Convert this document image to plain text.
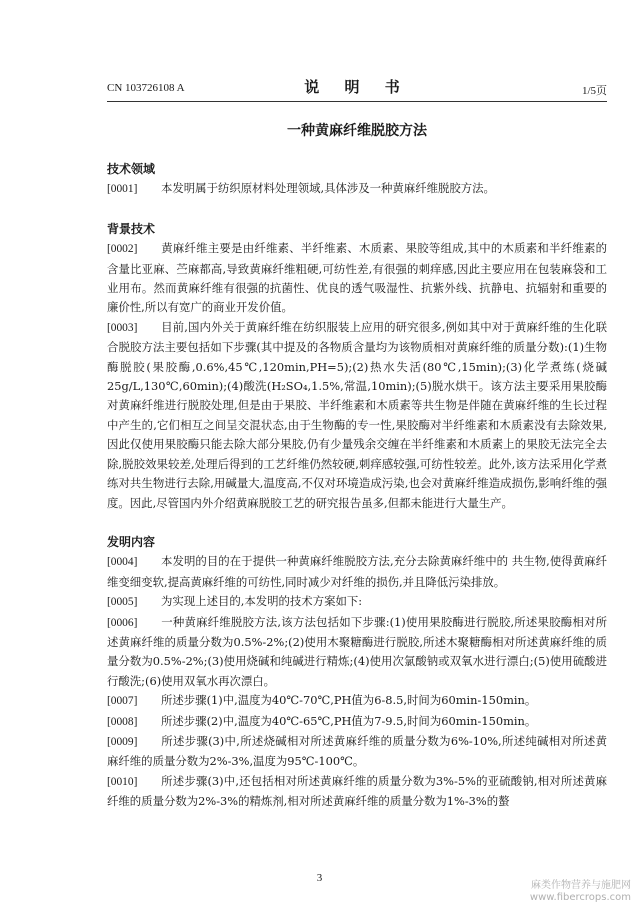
CN 103726108 A	说 明 书	1/5页
一种黄麻纤维脱胶方法

技术领域

[0001] 本发明属于纺织原材料处理领域,具体涉及一种黄麻纤维脱胶方法。

背景技术

[0002] 黄麻纤维主要是由纤维素、半纤维素、木质素、果胶等组成,其中的木质素和半纤维素的含量比亚麻、苎麻都高,导致黄麻纤维粗硬,可纺性差,有很强的刺痒感,因此主要应用在包装麻袋和工业用布。然而黄麻纤维有很强的抗菌性、优良的透气吸湿性、抗紫外线、抗静电、抗辐射和重要的廉价性,所以有宽广的商业开发价值。

[0003] 目前,国内外关于黄麻纤维在纺织服装上应用的研究很多,例如其中对于黄麻纤维的生化联合脱胶方法主要包括如下步骤(其中提及的各物质含量均为该物质相对黄麻纤维的质量分数):(1)生物酶脱胶(果胶酶,0.6%,45℃,120min,PH=5);(2)热水失活(80℃,15min);(3)化学煮练(烧碱25g/L,130℃,60min);(4)酸洗(H₂SO₄,1.5%,常温,10min);(5)脱水烘干。该方法主要采用果胶酶对黄麻纤维进行脱胶处理,但是由于果胶、半纤维素和木质素等共生物是伴随在黄麻纤维的生长过程中产生的,它们相互之间呈交混状态,由于生物酶的专一性,果胶酶对半纤维素和木质素没有去除效果,因此仅使用果胶酶只能去除大部分果胶,仍有少量残余交缠在半纤维素和木质素上的果胶无法完全去除,脱胶效果较差,处理后得到的工艺纤维仍然较硬,刺痒感较强,可纺性较差。此外,该方法采用化学煮练对共生物进行去除,用碱量大,温度高,不仅对环境造成污染,也会对黄麻纤维造成损伤,影响纤维的强度。因此,尽管国内外介绍黄麻脱胶工艺的研究报告虽多,但都未能进行大量生产。

发明内容

[0004] 本发明的目的在于提供一种黄麻纤维脱胶方法,充分去除黄麻纤维中的 共生物,使得黄麻纤维变细变软,提高黄麻纤维的可纺性,同时减少对纤维的损伤,并且降低污染排放。

[0005] 为实现上述目的,本发明的技术方案如下:

[0006] 一种黄麻纤维脱胶方法,该方法包括如下步骤:(1)使用果胶酶进行脱胶,所述果胶酶相对所述黄麻纤维的质量分数为0.5%-2%;(2)使用木聚糖酶进行脱胶,所述木聚糖酶相对所述黄麻纤维的质量分数为0.5%-2%;(3)使用烧碱和纯碱进行精炼;(4)使用次氯酸钠或双氧水进行漂白;(5)使用硫酸进行酸洗;(6)使用双氧水再次漂白。

[0007] 所述步骤(1)中,温度为40℃-70℃,PH值为6-8.5,时间为60min-150min。

[0008] 所述步骤(2)中,温度为40℃-65℃,PH值为7-9.5,时间为60min-150min。

[0009] 所述步骤(3)中,所述烧碱相对所述黄麻纤维的质量分数为6%-10%,所述纯碱相对所述黄麻纤维的质量分数为2%-3%,温度为95℃-100℃。

[0010] 所述步骤(3)中,还包括相对所述黄麻纤维的质量分数为3%-5%的亚硫酸钠,相对所述黄麻纤维的质量分数为2%-3%的精炼剂,相对所述黄麻纤维的质量分数为1%-3%的螯

3
麻类作物营养与施肥网
www.fibercrops.com
